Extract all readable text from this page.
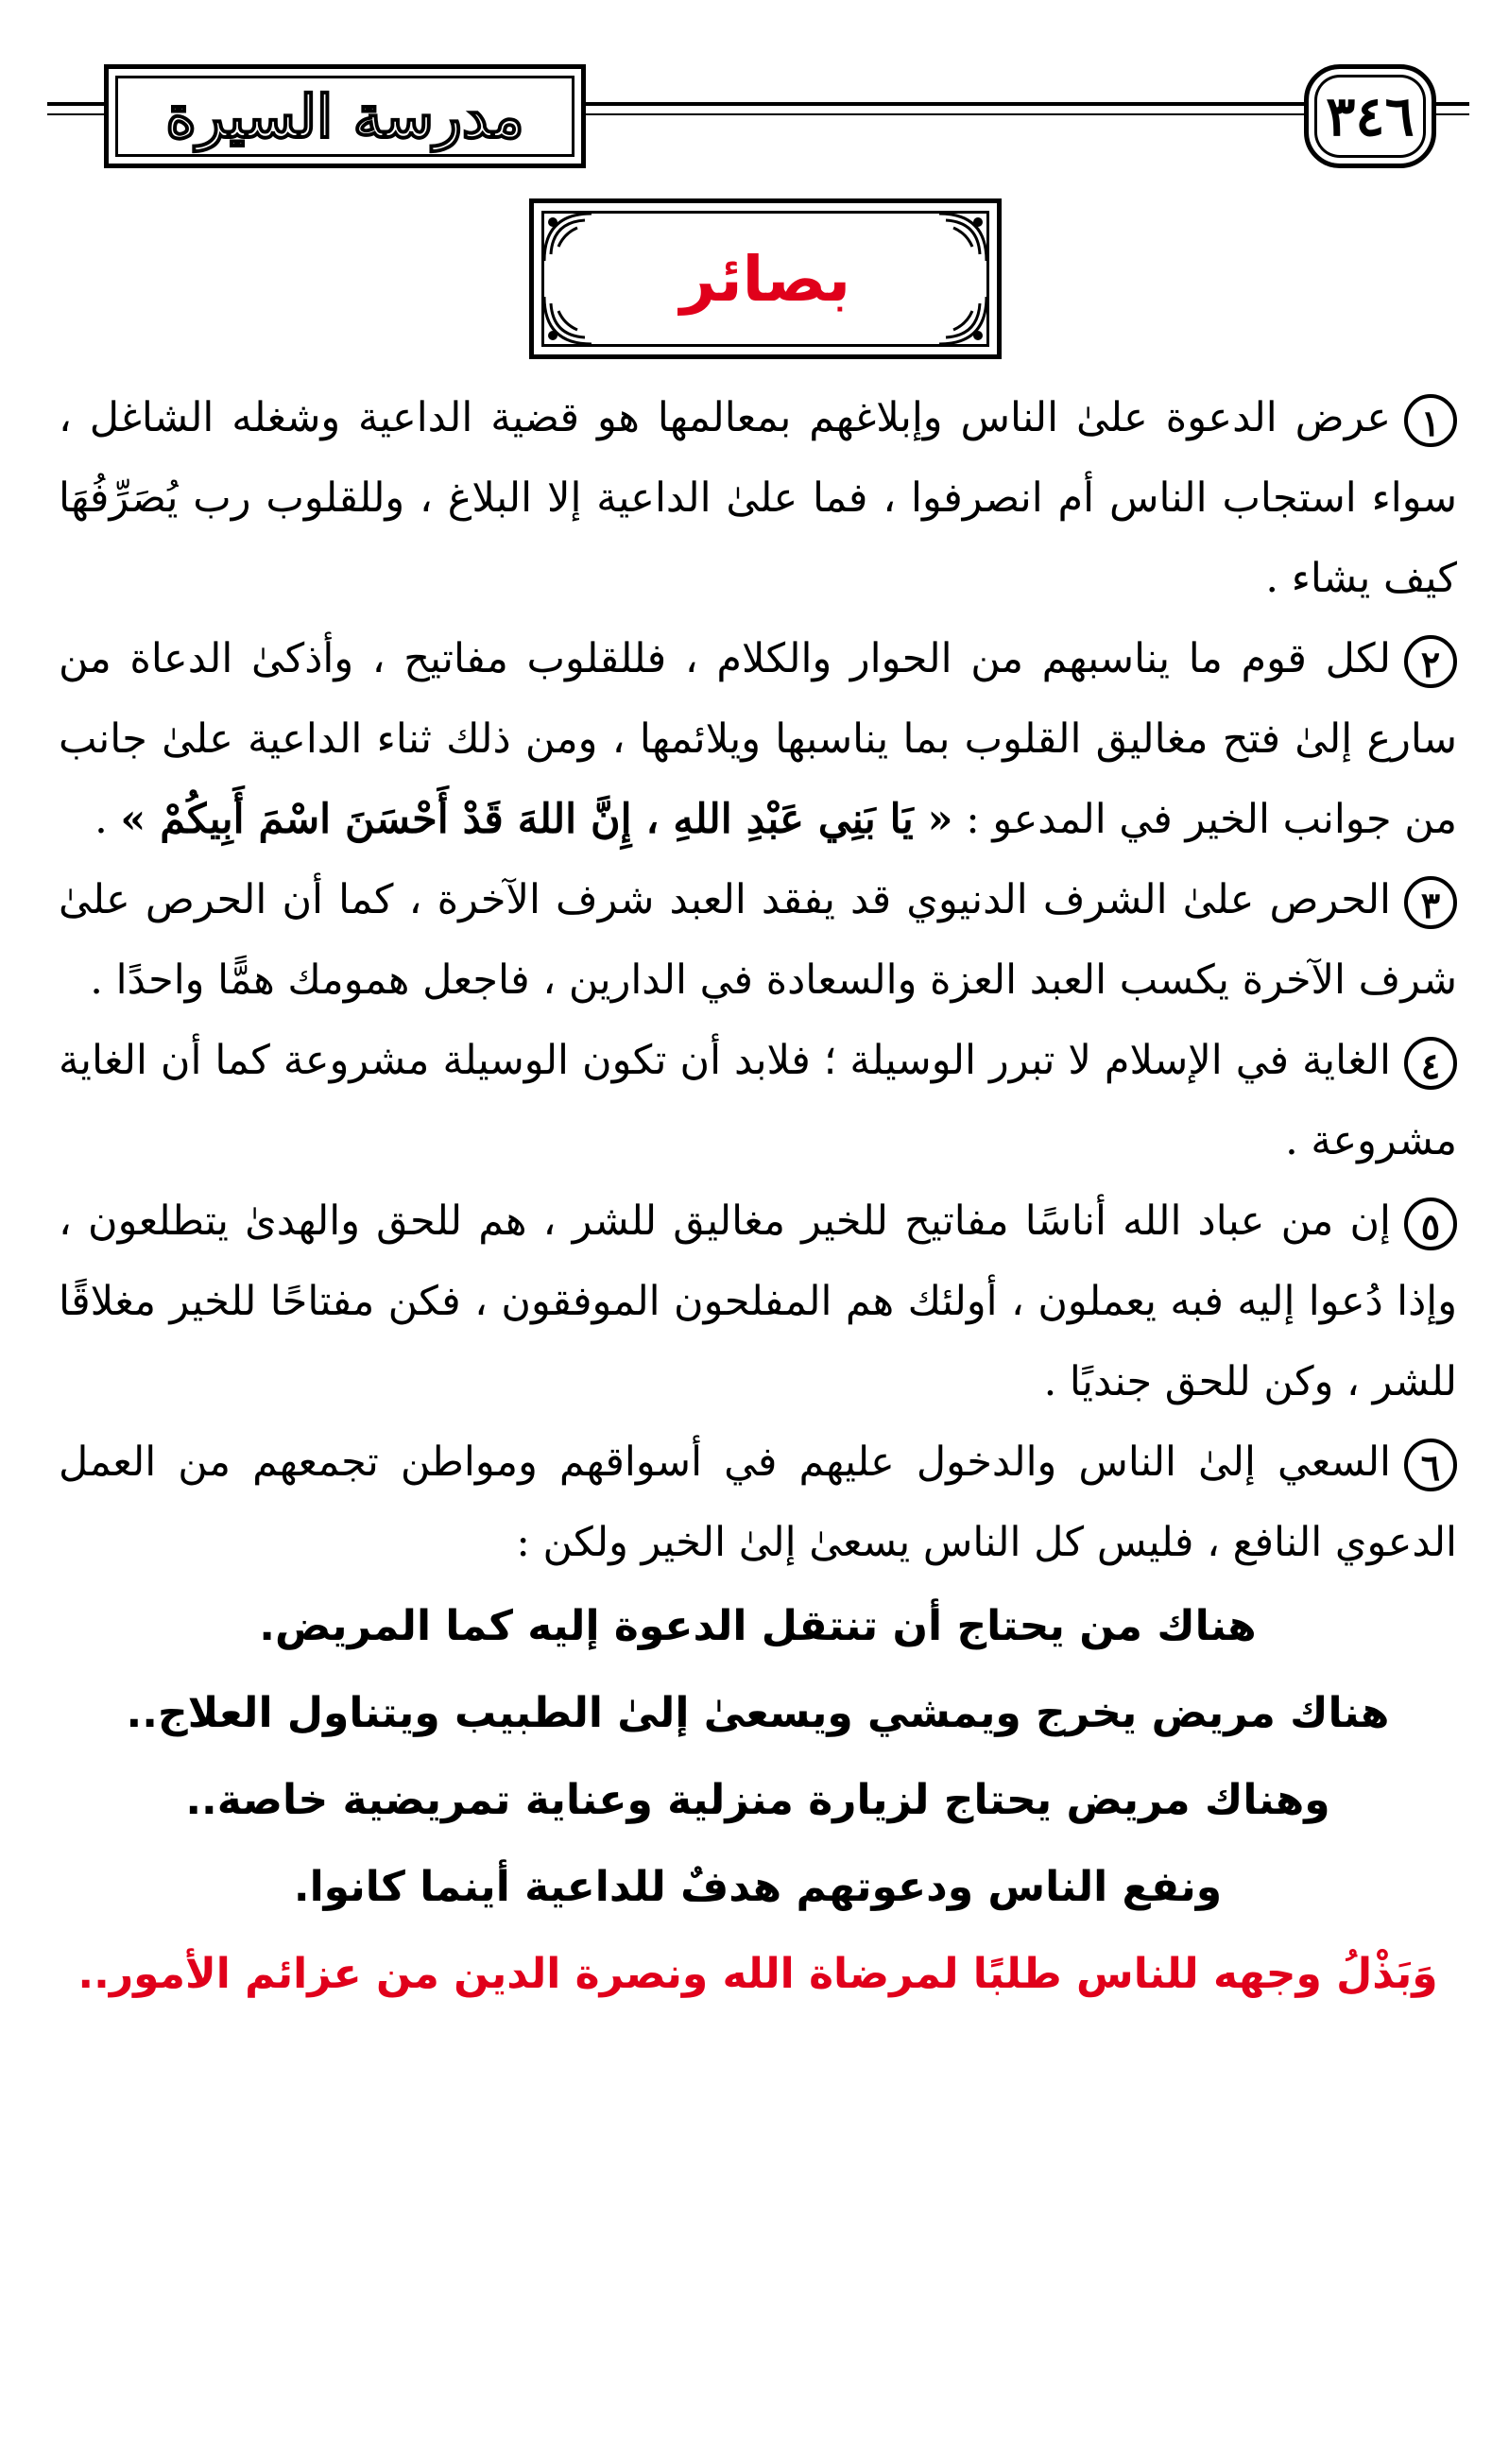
مدرسة السيرة	٣٤٦
بصائر

١عرض الدعوة علىٰ الناس وإبلاغهم بمعالمها هو قضية الداعية وشغله الشاغل ، سواء استجاب الناس أم انصرفوا ، فما علىٰ الداعية إلا البلاغ ، وللقلوب رب يُصَرِّفُهَا كيف يشاء .

٢لكل قوم ما يناسبهم من الحوار والكلام ، فللقلوب مفاتيح ، وأذكىٰ الدعاة من سارع إلىٰ فتح مغاليق القلوب بما يناسبها ويلائمها ، ومن ذلك ثناء الداعية علىٰ جانب من جوانب الخير في المدعو : « يَا بَنِي عَبْدِ اللهِ ، إِنَّ اللهَ قَدْ أَحْسَنَ اسْمَ أَبِيكُمْ » .

٣الحرص علىٰ الشرف الدنيوي قد يفقد العبد شرف الآخرة ، كما أن الحرص علىٰ شرف الآخرة يكسب العبد العزة والسعادة في الدارين ، فاجعل همومك همًّا واحدًا .

٤الغاية في الإسلام لا تبرر الوسيلة ؛ فلابد أن تكون الوسيلة مشروعة كما أن الغاية مشروعة .

٥إن من عباد الله أناسًا مفاتيح للخير مغاليق للشر ، هم للحق والهدىٰ يتطلعون ، وإذا دُعوا إليه فبه يعملون ، أولئك هم المفلحون الموفقون ، فكن مفتاحًا للخير مغلاقًا للشر ، وكن للحق جنديًا .

٦السعي إلىٰ الناس والدخول عليهم في أسواقهم ومواطن تجمعهم من العمل الدعوي النافع ، فليس كل الناس يسعىٰ إلىٰ الخير ولكن :

هناك من يحتاج أن تنتقل الدعوة إليه كما المريض.
هناك مريض يخرج ويمشي ويسعىٰ إلىٰ الطبيب ويتناول العلاج..
وهناك مريض يحتاج لزيارة منزلية وعناية تمريضية خاصة..
ونفع الناس ودعوتهم هدفٌ للداعية أينما كانوا.
وَبَذْلُ وجهه للناس طلبًا لمرضاة الله ونصرة الدين من عزائم الأمور..
